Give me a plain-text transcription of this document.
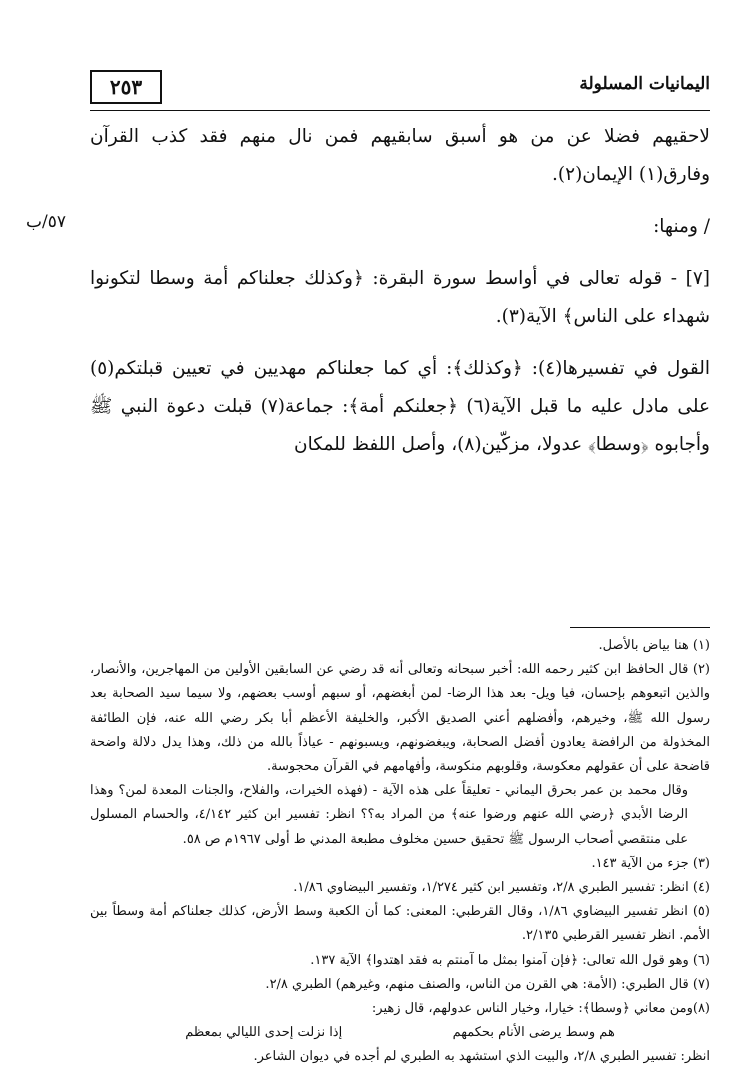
٢٥٣	اليمانيات المسلولة
٥٧/ب

لاحقيهم فضلا عن من هو أسبق سابقيهم فمن نال منهم فقد كذب القرآن وفارق(١) الإيمان(٢).

/ ومنها:

[٧] - قوله تعالى في أواسط سورة البقرة: ﴿وكذلك جعلناكم أمة وسطا لتكونوا شهداء على الناس﴾ الآية(٣).

القول في تفسيرها(٤): ﴿وكذلك﴾: أي كما جعلناكم مهديين في تعيين قبلتكم(٥) على مادل عليه ما قبل الآية(٦) ﴿جعلنكم أمة﴾: جماعة(٧) قبلت دعوة النبي ﷺ وأجابوه ﴿وسطا﴾ عدولا، مزكّين(٨)، وأصل اللفظ للمكان

(١) هنا بياض بالأصل.

(٢) قال الحافظ ابن كثير رحمه الله: أخبر سبحانه وتعالى أنه قد رضي عن السابقين الأولين من المهاجرين، والأنصار، والذين اتبعوهم بإحسان، فيا ويل- بعد هذا الرضا- لمن أبغضهم، أو سبهم أوسب بعضهم، ولا سيما سيد الصحابة بعد رسول الله ﷺ، وخيرهم، وأفضلهم أعني الصديق الأكبر، والخليفة الأعظم أبا بكر رضي الله عنه، فإن الطائفة المخذولة من الرافضة يعادون أفضل الصحابة، ويبغضونهم، ويسبونهم - عياذاً بالله من ذلك، وهذا يدل دلالة واضحة قاضحة على أن عقولهم معكوسة، وقلوبهم منكوسة، وأفهامهم في القرآن محجوسة.

وقال محمد بن عمر بحرق اليماني - تعليقاً على هذه الآية - (فهذه الخيرات، والفلاح، والجنات المعدة لمن؟ وهذا الرضا الأبدي ﴿رضي الله عنهم ورضوا عنه﴾ من المراد به؟؟ انظر: تفسير ابن كثير ٤/١٤٢، والحسام المسلول على منتقصي أصحاب الرسول ﷺ تحقيق حسين مخلوف مطبعة المدني ط أولى ١٩٦٧م ص ٥٨.

(٣) جزء من الآية ١٤٣.

(٤) انظر: تفسير الطبري ٢/٨، وتفسير ابن كثير ١/٢٧٤، وتفسير البيضاوي ١/٨٦.

(٥) انظر تفسير البيضاوي ١/٨٦، وقال القرطبي: المعنى: كما أن الكعبة وسط الأرض، كذلك جعلناكم أمة وسطاً بين الأمم. انظر تفسير القرطبي ٢/١٣٥.

(٦) وهو قول الله تعالى: ﴿فإن آمنوا بمثل ما آمنتم به فقد اهتدوا﴾ الآية ١٣٧.

(٧) قال الطبري: (الأمة: هي القرن من الناس، والصنف منهم، وغيرهم) الطبري ٢/٨.

(٨)ومن معاني ﴿وسطا﴾: خيارا، وخيار الناس عدولهم، قال زهير:

هم وسط يرضى الأنام بحكمهم
إذا نزلت إحدى الليالي بمعظم

انظر: تفسير الطبري ٢/٨، والبيت الذي استشهد به الطبري لم أجده في ديوان الشاعر.
